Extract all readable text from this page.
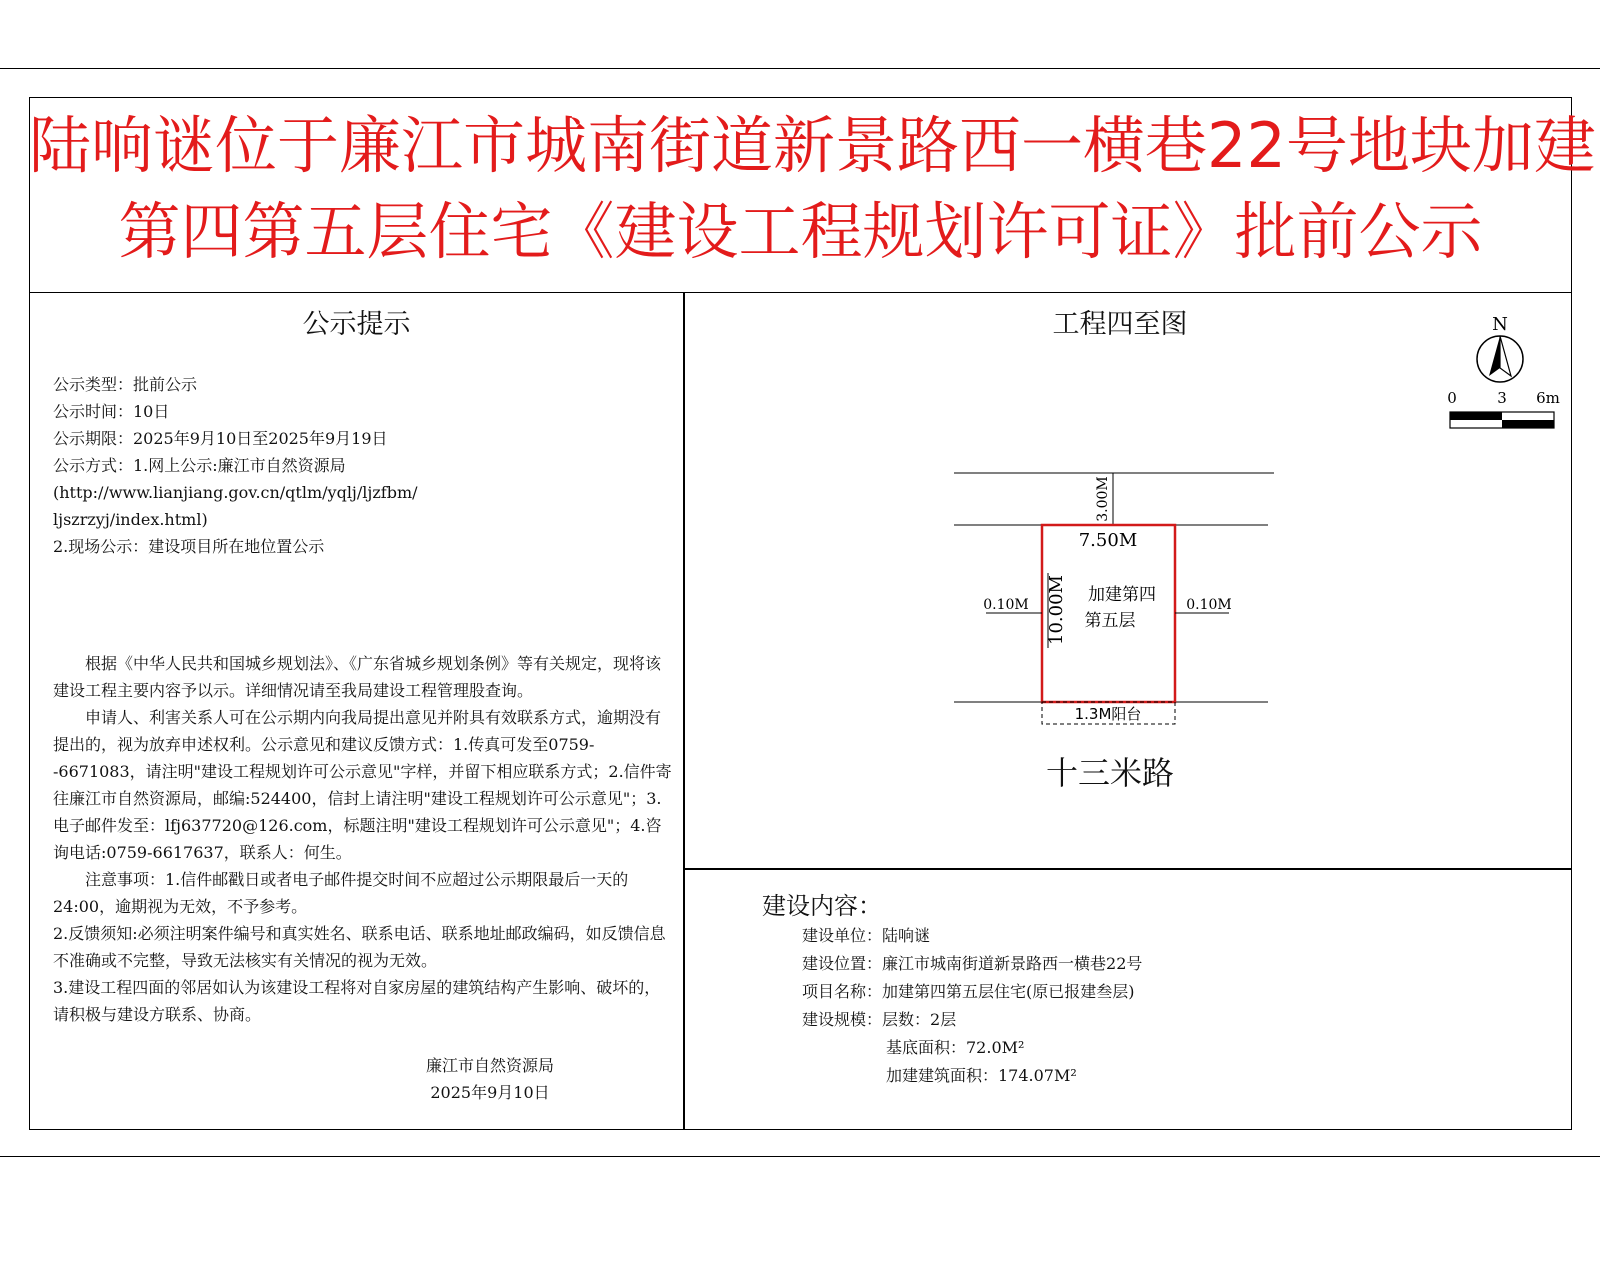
陆响谜位于廉江市城南街道新景路西一横巷22号地块加建
第四第五层住宅《建设工程规划许可证》批前公示
公示提示
公示类型：批前公示
公示时间：10日
公示期限：2025年9月10日至2025年9月19日
公示方式：1.网上公示:廉江市自然资源局
(http://www.lianjiang.gov.cn/qtlm/yqlj/ljzfbm/
ljszrzyj/index.html)
2.现场公示：建设项目所在地位置公示

　　根据《中华人民共和国城乡规划法》、《广东省城乡规划条例》等有关规定，现将该建设工程主要内容予以示。详细情况请至我局建设工程管理股查询。

　　申请人、利害关系人可在公示期内向我局提出意见并附具有效联系方式，逾期没有提出的，视为放弃申述权利。公示意见和建议反馈方式：1.传真可发至0759--6671083，请注明"建设工程规划许可公示意见"字样，并留下相应联系方式；2.信件寄往廉江市自然资源局，邮编:524400，信封上请注明"建设工程规划许可公示意见"；3.电子邮件发至：lfj637720@126.com，标题注明"建设工程规划许可公示意见"；4.咨询电话:0759-6617637，联系人：何生。

　　注意事项：1.信件邮戳日或者电子邮件提交时间不应超过公示期限最后一天的24:00，逾期视为无效，不予参考。

2.反馈须知:必须注明案件编号和真实姓名、联系电话、联系地址邮政编码，如反馈信息不准确或不完整，导致无法核实有关情况的视为无效。

3.建设工程四面的邻居如认为该建设工程将对自家房屋的建筑结构产生影响、破坏的，请积极与建设方联系、协商。

廉江市自然资源局
2025年9月10日
工程四至图	N
0	3 6m
3.00M
7.50M
10.00M 加建第四
第五层
0.10M	0.10M
1.3M阳台
十三米路
建设内容：
建设单位：陆响谜
建设位置：廉江市城南街道新景路西一横巷22号
项目名称：加建第四第五层住宅(原已报建叁层)
建设规模：层数：2层
基底面积：72.0M²
加建建筑面积：174.07M²
